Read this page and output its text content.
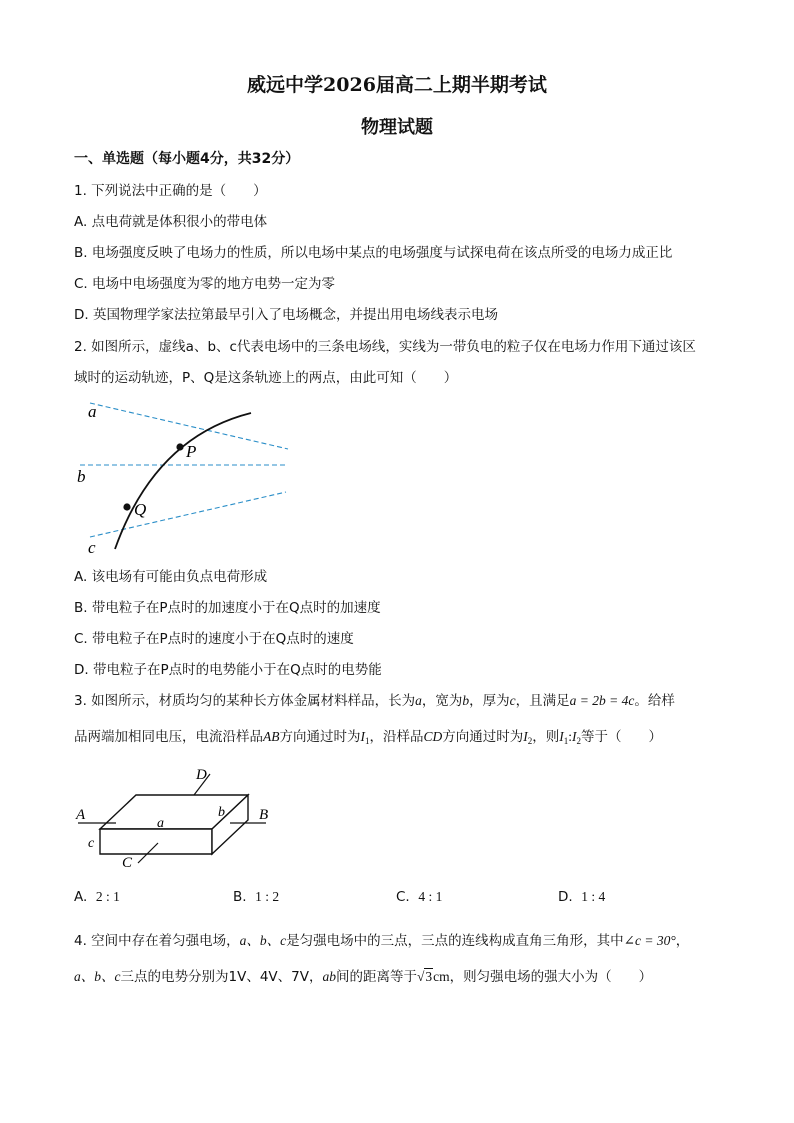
威远中学2026届高二上期半期考试
物理试题
一、单选题（每小题4分，共32分）
1. 下列说法中正确的是（　　）
A. 点电荷就是体积很小的带电体
B. 电场强度反映了电场力的性质，所以电场中某点的电场强度与试探电荷在该点所受的电场力成正比
C. 电场中电场强度为零的地方电势一定为零
D. 英国物理学家法拉第最早引入了电场概念，并提出用电场线表示电场
2. 如图所示，虚线a、b、c代表电场中的三条电场线，实线为一带负电的粒子仅在电场力作用下通过该区
域时的运动轨迹，P、Q是这条轨迹上的两点，由此可知（　　）
a
b
c
P
Q
A. 该电场有可能由负点电荷形成
B. 带电粒子在P点时的加速度小于在Q点时的加速度
C. 带电粒子在P点时的速度小于在Q点时的速度
D. 带电粒子在P点时的电势能小于在Q点时的电势能
3. 如图所示，材质均匀的某种长方体金属材料样品，长为a，宽为b，厚为c，且满足a = 2b = 4c。给样
品两端加相同电压，电流沿样品AB方向通过时为$I_1$，沿样品CD方向通过时为$I_2$，则$I_1:I_2$等于（　　）
A	B
D
C
a
b
c
A. 2 : 1	B. 1 : 2	C. 4 : 1	D. 1 : 4
4. 空间中存在着匀强电场，a、b、c是匀强电场中的三点，三点的连线构成直角三角形，其中∠c = 30°，
a、b、c三点的电势分别为1V、4V、7V，ab间的距离等于√3cm，则匀强电场的强大小为（　　）
